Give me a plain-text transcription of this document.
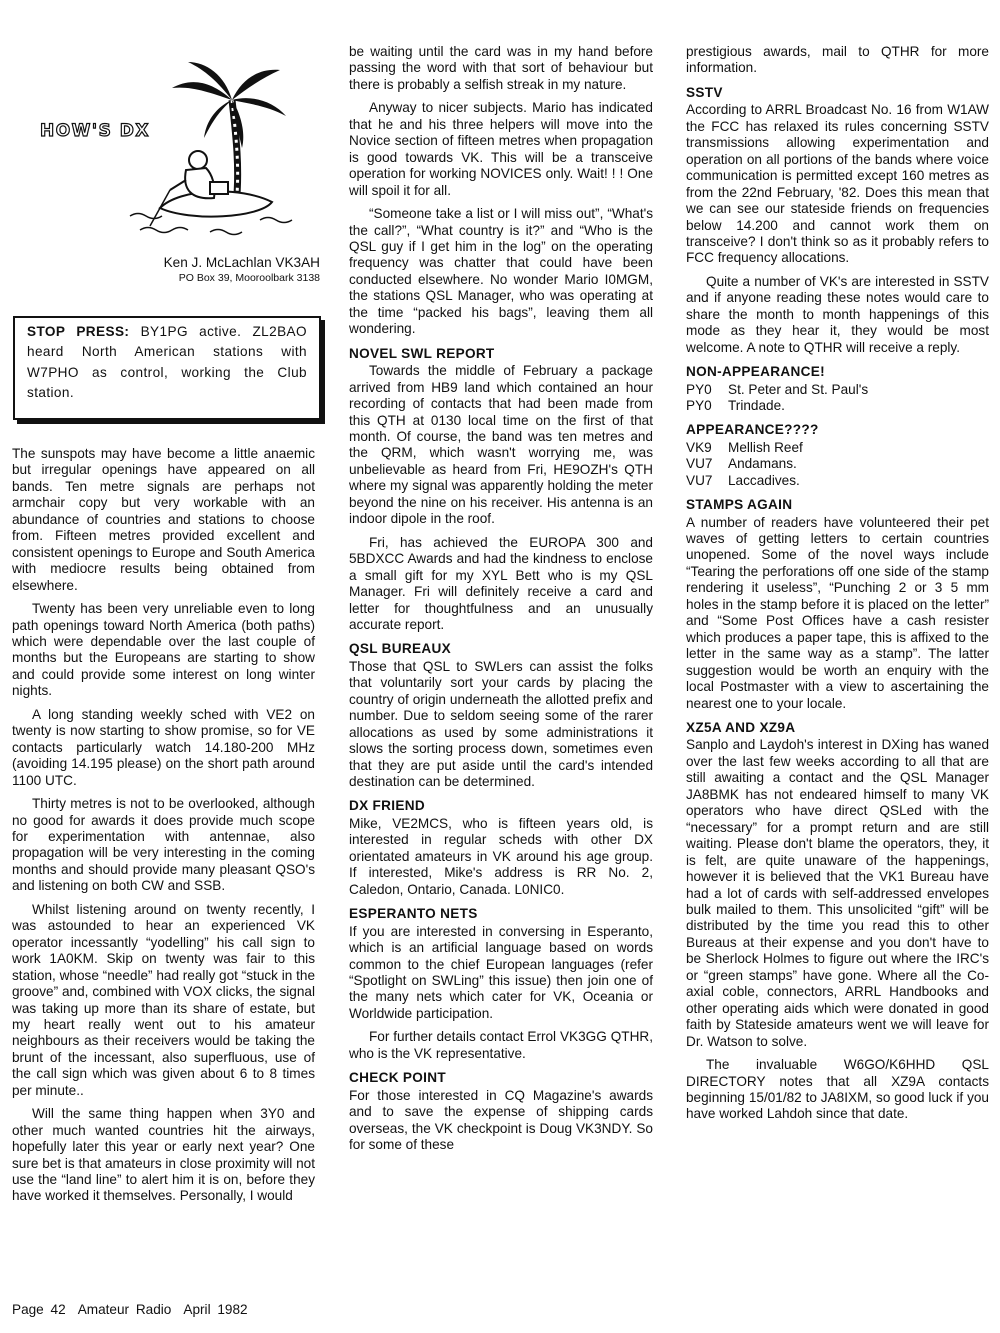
HOW'S DX
Ken J. McLachlan VK3AH
PO Box 39, Mooroolbark 3138
STOP PRESS: BY1PG active. ZL2BAO heard North American stations with W7PHO as control, working the Club station.

The sunspots may have become a little anaemic but irregular openings have appeared on all bands. Ten metre signals are perhaps not armchair copy but very workable with an abundance of countries and stations to choose from. Fifteen metres provided excellent and consistent openings to Europe and South America with mediocre results being obtained from elsewhere.

Twenty has been very unreliable even to long path openings toward North America (both paths) which were dependable over the last couple of months but the Europeans are starting to show and could provide some interest on long winter nights.

A long standing weekly sched with VE2 on twenty is now starting to show promise, so for VE contacts particularly watch 14.180-200 MHz (avoiding 14.195 please) on the short path around 1100 UTC.

Thirty metres is not to be overlooked, although no good for awards it does provide much scope for experimentation with antennae, also propagation will be very interesting in the coming months and should provide many pleasant QSO's and listening on both CW and SSB.

Whilst listening around on twenty recently, I was astounded to hear an experienced VK operator incessantly “yodelling” his call sign to work 1A0KM. Skip on twenty was fair to this station, whose “needle” had really got “stuck in the groove” and, combined with VOX clicks, the signal was taking up more than its share of estate, but my heart really went out to his amateur neighbours as their receivers would be taking the brunt of the incessant, also superfluous, use of the call sign which was given about 6 to 8 times per minute..

Will the same thing happen when 3Y0 and other much wanted countries hit the airways, hopefully later this year or early next year? One sure bet is that amateurs in close proximity will not use the “land line” to alert him it is on, before they have worked it themselves. Personally, I would

be waiting until the card was in my hand before passing the word with that sort of behaviour but there is probably a selfish streak in my nature.

Anyway to nicer subjects. Mario has indicated that he and his three helpers will move into the Novice section of fifteen metres when propagation is good towards VK. This will be a transceive operation for working NOVICES only. Wait! ! ! One will spoil it for all.

“Someone take a list or I will miss out”, “What's the call?”, “What country is it?” and “Who is the QSL guy if I get him in the log” on the operating frequency was chatter that could have been conducted elsewhere. No wonder Mario I0MGM, the stations QSL Manager, who was operating at the time “packed his bags”, leaving them all wondering.

NOVEL SWL REPORT

Towards the middle of February a package arrived from HB9 land which contained an hour recording of contacts that had been made from this QTH at 0130 local time on the first of that month. Of course, the band was ten metres and the QRM, which wasn't worrying me, was unbelievable as heard from Fri, HE9OZH's QTH where my signal was apparently holding the meter beyond the nine on his receiver. His antenna is an indoor dipole in the roof.

Fri, has achieved the EUROPA 300 and 5BDXCC Awards and had the kindness to enclose a small gift for my XYL Bett who is my QSL Manager. Fri will definitely receive a card and letter for thoughtfulness and an unusually accurate report.

QSL BUREAUX

Those that QSL to SWLers can assist the folks that voluntarily sort your cards by placing the country of origin underneath the allotted prefix and number. Due to seldom seeing some of the rarer allocations as used by some administrations it slows the sorting process down, sometimes even that they are put aside until the card's intended destination can be determined.

DX FRIEND

Mike, VE2MCS, who is fifteen years old, is interested in regular scheds with other DX orientated amateurs in VK around his age group. If interested, Mike's address is RR No. 2, Caledon, Ontario, Canada. L0NIC0.

ESPERANTO NETS

If you are interested in conversing in Esperanto, which is an artificial language based on words common to the chief European languages (refer “Spotlight on SWLing” this issue) then join one of the many nets which cater for VK, Oceania or Worldwide participation.

For further details contact Errol VK3GG QTHR, who is the VK representative.

CHECK POINT

For those interested in CQ Magazine's awards and to save the expense of shipping cards overseas, the VK checkpoint is Doug VK3NDY. So for some of these

prestigious awards, mail to QTHR for more information.

SSTV

According to ARRL Broadcast No. 16 from W1AW the FCC has relaxed its rules concerning SSTV transmissions allowing experimentation and operation on all portions of the bands where voice communication is permitted except 160 metres as from the 22nd February, '82. Does this mean that we can see our stateside friends on frequencies below 14.200 and cannot work them on transceive? I don't think so as it probably refers to FCC frequency allocations.

Quite a number of VK's are interested in SSTV and if anyone reading these notes would care to share the month to month happenings of this mode as they hear it, they would be most welcome. A note to QTHR will receive a reply.

NON-APPEARANCE!
PY0	St. Peter and St. Paul's
PY0	Trindade.
APPEARANCE????
VK9	Mellish Reef
VU7	Andamans.
VU7	Laccadives.
STAMPS AGAIN

A number of readers have volunteered their pet waves of getting letters to certain countries unopened. Some of the novel ways include “Tearing the perforations off one side of the stamp rendering it useless”, “Punching 2 or 3 5 mm holes in the stamp before it is placed on the letter” and “Some Post Offices have a cash resister which produces a paper tape, this is affixed to the letter in the same way as a stamp”. The latter suggestion would be worth an enquiry with the local Postmaster with a view to ascertaining the nearest one to your locale.

XZ5A AND XZ9A

Sanplo and Laydoh's interest in DXing has waned over the last few weeks according to all that are still awaiting a contact and the QSL Manager JA8BMK has not endeared himself to many VK operators who have direct QSLed with the “necessary” for a prompt return and are still waiting. Please don't blame the operators, they, it is felt, are quite unaware of the happenings, however it is believed that the VK1 Bureau have had a lot of cards with self-addressed envelopes bulk mailed to them. This unsolicited “gift” will be distributed by the time you read this to other Bureaus at their expense and you don't have to be Sherlock Holmes to figure out where the IRC's or “green stamps” have gone. Where all the Co-axial coble, connectors, ARRL Handbooks and other operating aids which were donated in good faith by Stateside amateurs went we will leave for Dr. Watson to solve.

The invaluable W6GO/K6HHD QSL DIRECTORY notes that all XZ9A contacts beginning 15/01/82 to JA8IXM, so good luck if you have worked Lahdoh since that date.

Page 42 Amateur Radio April 1982
